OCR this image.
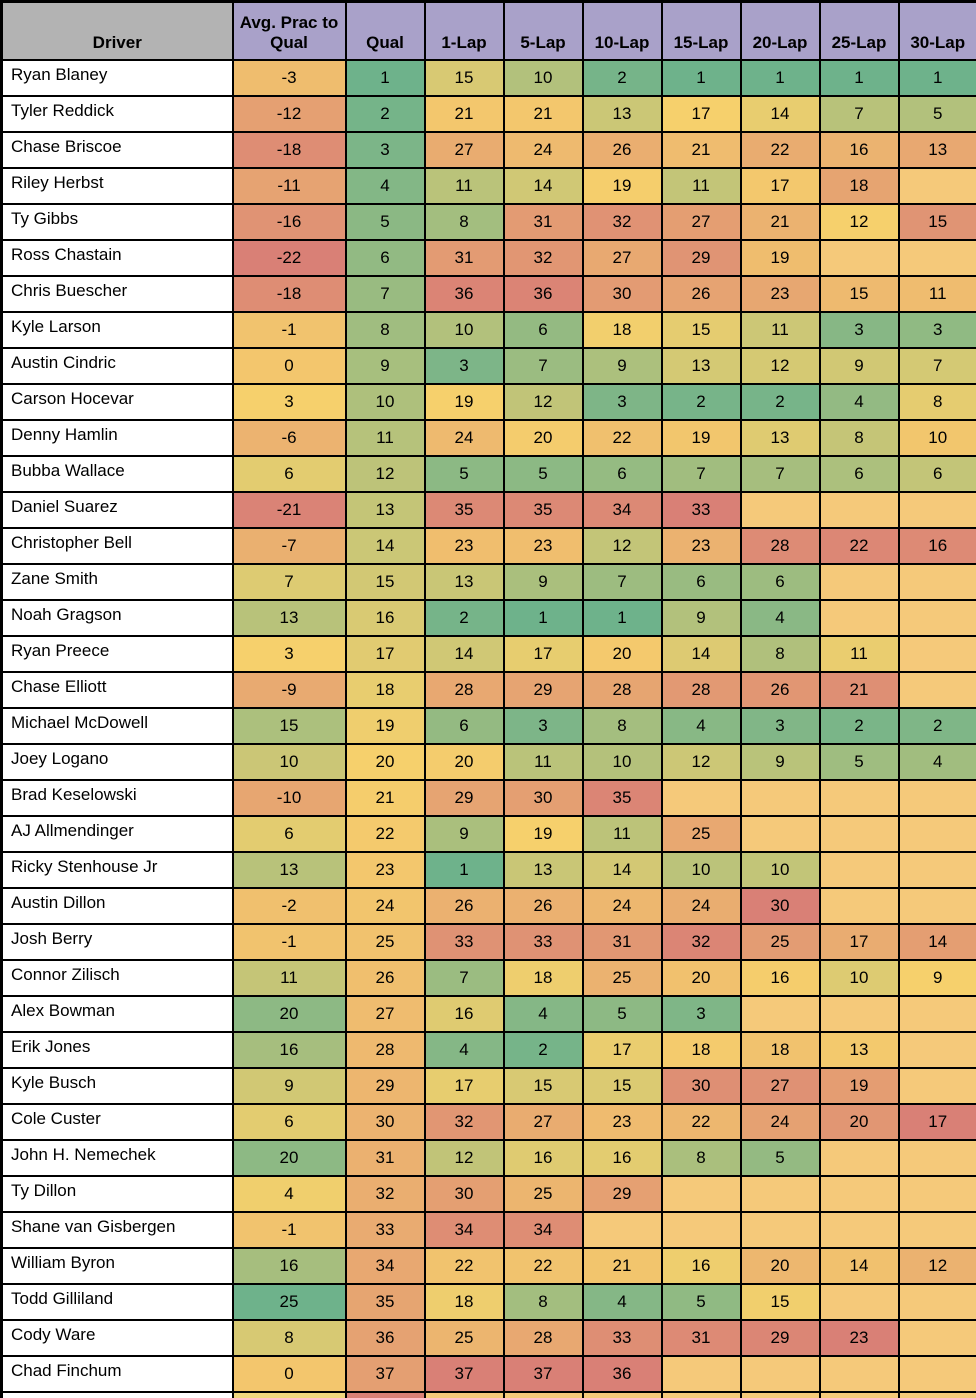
Driver	Avg. Prac to Qual	Qual	1-Lap	5-Lap	10-Lap	15-Lap	20-Lap	25-Lap	30-Lap
Ryan Blaney	-3	1	15	10	2	1	1	1	1
Tyler Reddick	-12	2	21	21	13	17	14	7	5
Chase Briscoe	-18	3	27	24	26	21	22	16	13
Riley Herbst	-11	4	11	14	19	11	17	18	
Ty Gibbs	-16	5	8	31	32	27	21	12	15
Ross Chastain	-22	6	31	32	27	29	19		
Chris Buescher	-18	7	36	36	30	26	23	15	11
Kyle Larson	-1	8	10	6	18	15	11	3	3
Austin Cindric	0	9	3	7	9	13	12	9	7
Carson Hocevar	3	10	19	12	3	2	2	4	8
Denny Hamlin	-6	11	24	20	22	19	13	8	10
Bubba Wallace	6	12	5	5	6	7	7	6	6
Daniel Suarez	-21	13	35	35	34	33			
Christopher Bell	-7	14	23	23	12	23	28	22	16
Zane Smith	7	15	13	9	7	6	6		
Noah Gragson	13	16	2	1	1	9	4		
Ryan Preece	3	17	14	17	20	14	8	11	
Chase Elliott	-9	18	28	29	28	28	26	21	
Michael McDowell	15	19	6	3	8	4	3	2	2
Joey Logano	10	20	20	11	10	12	9	5	4
Brad Keselowski	-10	21	29	30	35				
AJ Allmendinger	6	22	9	19	11	25			
Ricky Stenhouse Jr	13	23	1	13	14	10	10		
Austin Dillon	-2	24	26	26	24	24	30		
Josh Berry	-1	25	33	33	31	32	25	17	14
Connor Zilisch	11	26	7	18	25	20	16	10	9
Alex Bowman	20	27	16	4	5	3			
Erik Jones	16	28	4	2	17	18	18	13	
Kyle Busch	9	29	17	15	15	30	27	19	
Cole Custer	6	30	32	27	23	22	24	20	17
John H. Nemechek	20	31	12	16	16	8	5		
Ty Dillon	4	32	30	25	29				
Shane van Gisbergen	-1	33	34	34					
William Byron	16	34	22	22	21	16	20	14	12
Todd Gilliland	25	35	18	8	4	5	15		
Cody Ware	8	36	25	28	33	31	29	23	
Chad Finchum	0	37	37	37	36				
